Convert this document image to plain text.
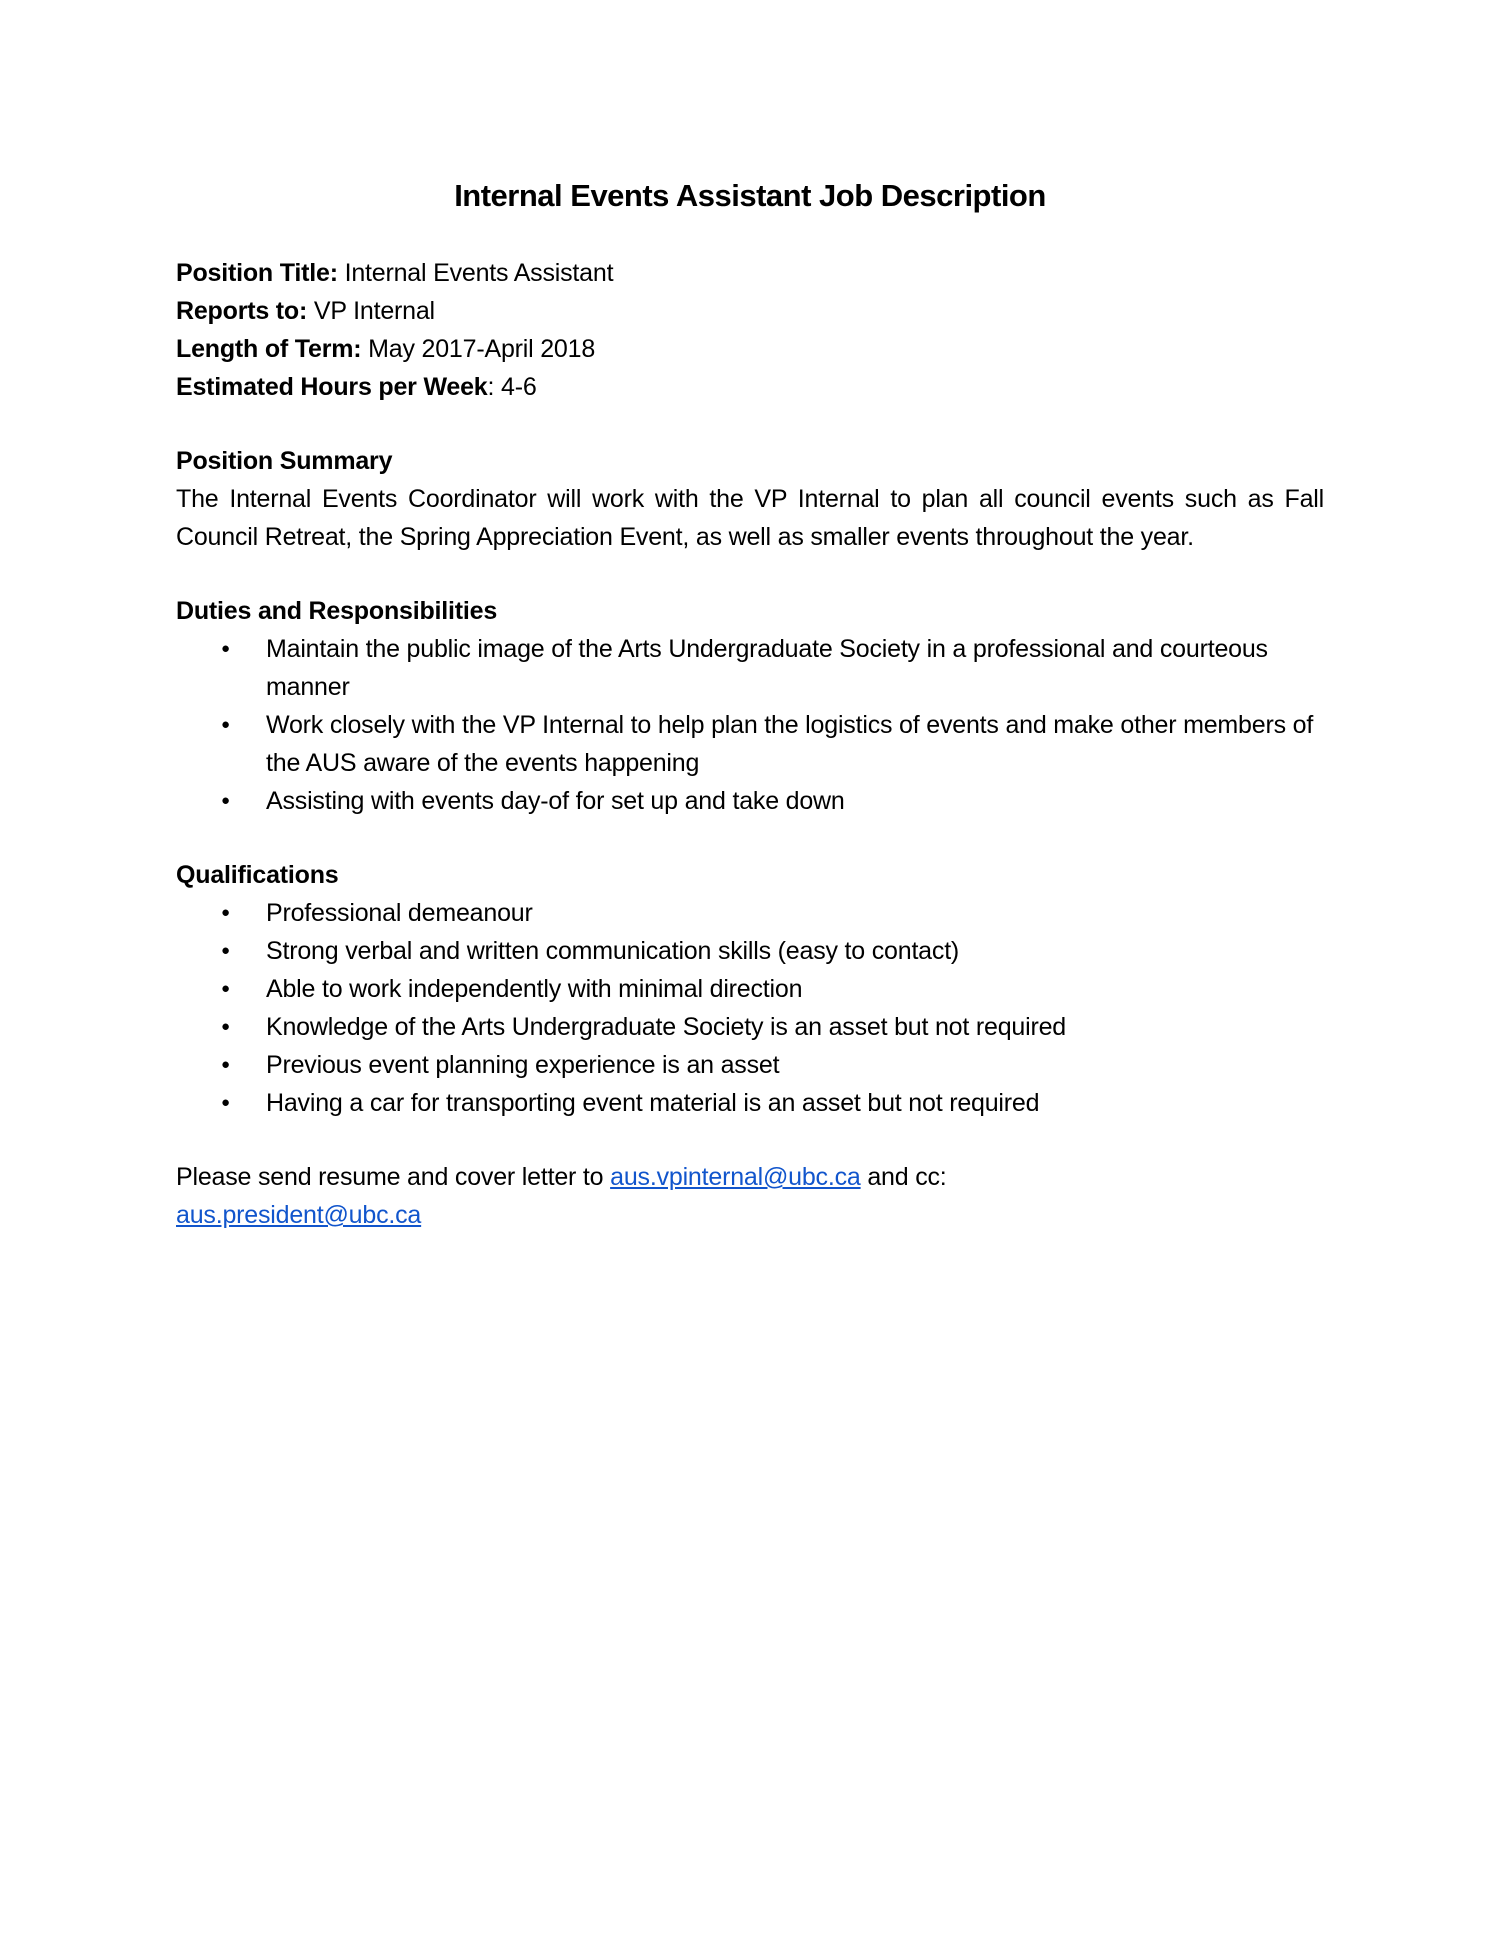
Internal Events Assistant Job Description
Position Title: Internal Events Assistant
Reports to: VP Internal
Length of Term: May 2017-April 2018
Estimated Hours per Week: 4-6
Position Summary
The Internal Events Coordinator will work with the VP Internal to plan all council events such as Fall Council Retreat, the Spring Appreciation Event, as well as smaller events throughout the year.
Duties and Responsibilities
● Maintain the public image of the Arts Undergraduate Society in a professional and courteous manner
● Work closely with the VP Internal to help plan the logistics of events and make other members of the AUS aware of the events happening
● Assisting with events day-of for set up and take down
Qualifications
● Professional demeanour
● Strong verbal and written communication skills (easy to contact)
● Able to work independently with minimal direction
● Knowledge of the Arts Undergraduate Society is an asset but not required
● Previous event planning experience is an asset
● Having a car for transporting event material is an asset but not required
Please send resume and cover letter to aus.vpinternal@ubc.ca and cc:
aus.president@ubc.ca
